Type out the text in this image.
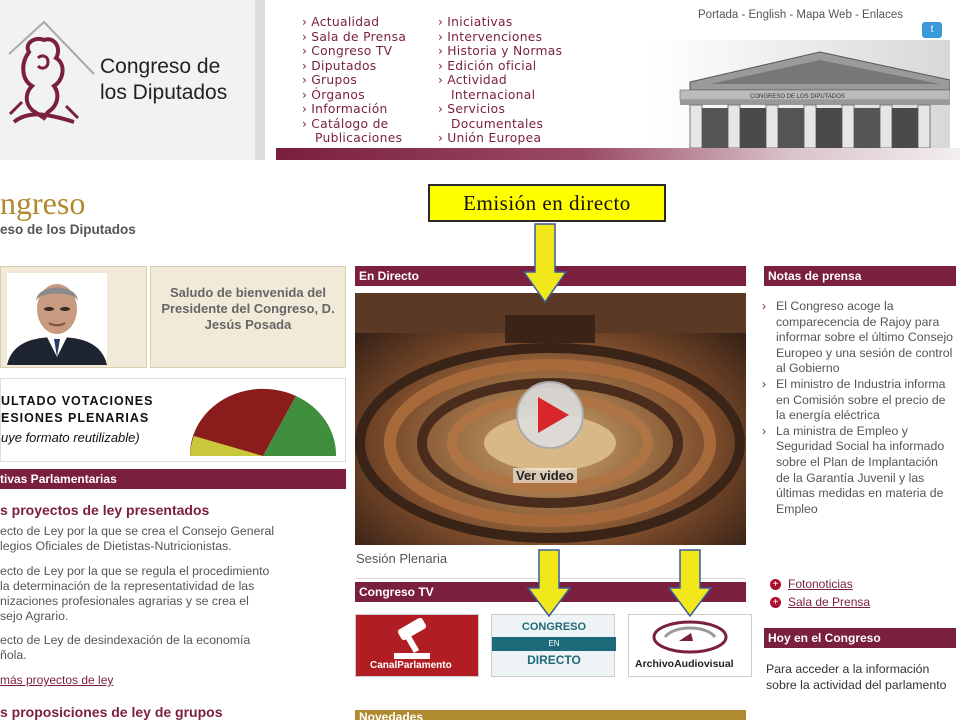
Congreso de
los Diputados
› Actualidad
› Sala de Prensa
› Congreso TV
› Diputados
› Grupos
› Órganos
› Información
› Catálogo de
Publicaciones
› Iniciativas
› Intervenciones
› Historia y Normas
› Edición oficial
› Actividad
Internacional
› Servicios
Documentales
› Unión Europea
Portada - English - Mapa Web - Enlaces
t
CONGRESO DE LOS DIPUTADOS
ngreso
eso de los Diputados
Saludo de bienvenida del Presidente del Congreso, D. Jesús Posada
ULTADO VOTACIONES
ESIONES PLENARIAS
uye formato reutilizable)
tivas Parlamentarias
s proyectos de ley presentados
ecto de Ley por la que se crea el Consejo General
legios Oficiales de Dietistas-Nutricionistas.
ecto de Ley por la que se regula el procedimiento
la determinación de la representatividad de las
nizaciones profesionales agrarias y se crea el
sejo Agrario.
ecto de Ley de desindexación de la economía
ñola.
más proyectos de ley
s proposiciones de ley de grupos
En Directo
Ver video
Sesión Plenaria
Congreso TV
CanalParlamento
CONGRESO
EN
DIRECTO	ArchivoAudiovisual
Novedades
Notas de prensa
› El Congreso acoge la comparecencia de Rajoy para informar sobre el último Consejo Europeo y una sesión de control al Gobierno
› El ministro de Industria informa en Comisión sobre el precio de la energía eléctrica
› La ministra de Empleo y Seguridad Social ha informado sobre el Plan de Implantación de la Garantía Juvenil y las últimas medidas en materia de Empleo
+ Fotonoticias
+ Sala de Prensa
Hoy en el Congreso
Para acceder a la información sobre la actividad del parlamento
Emisión en directo
